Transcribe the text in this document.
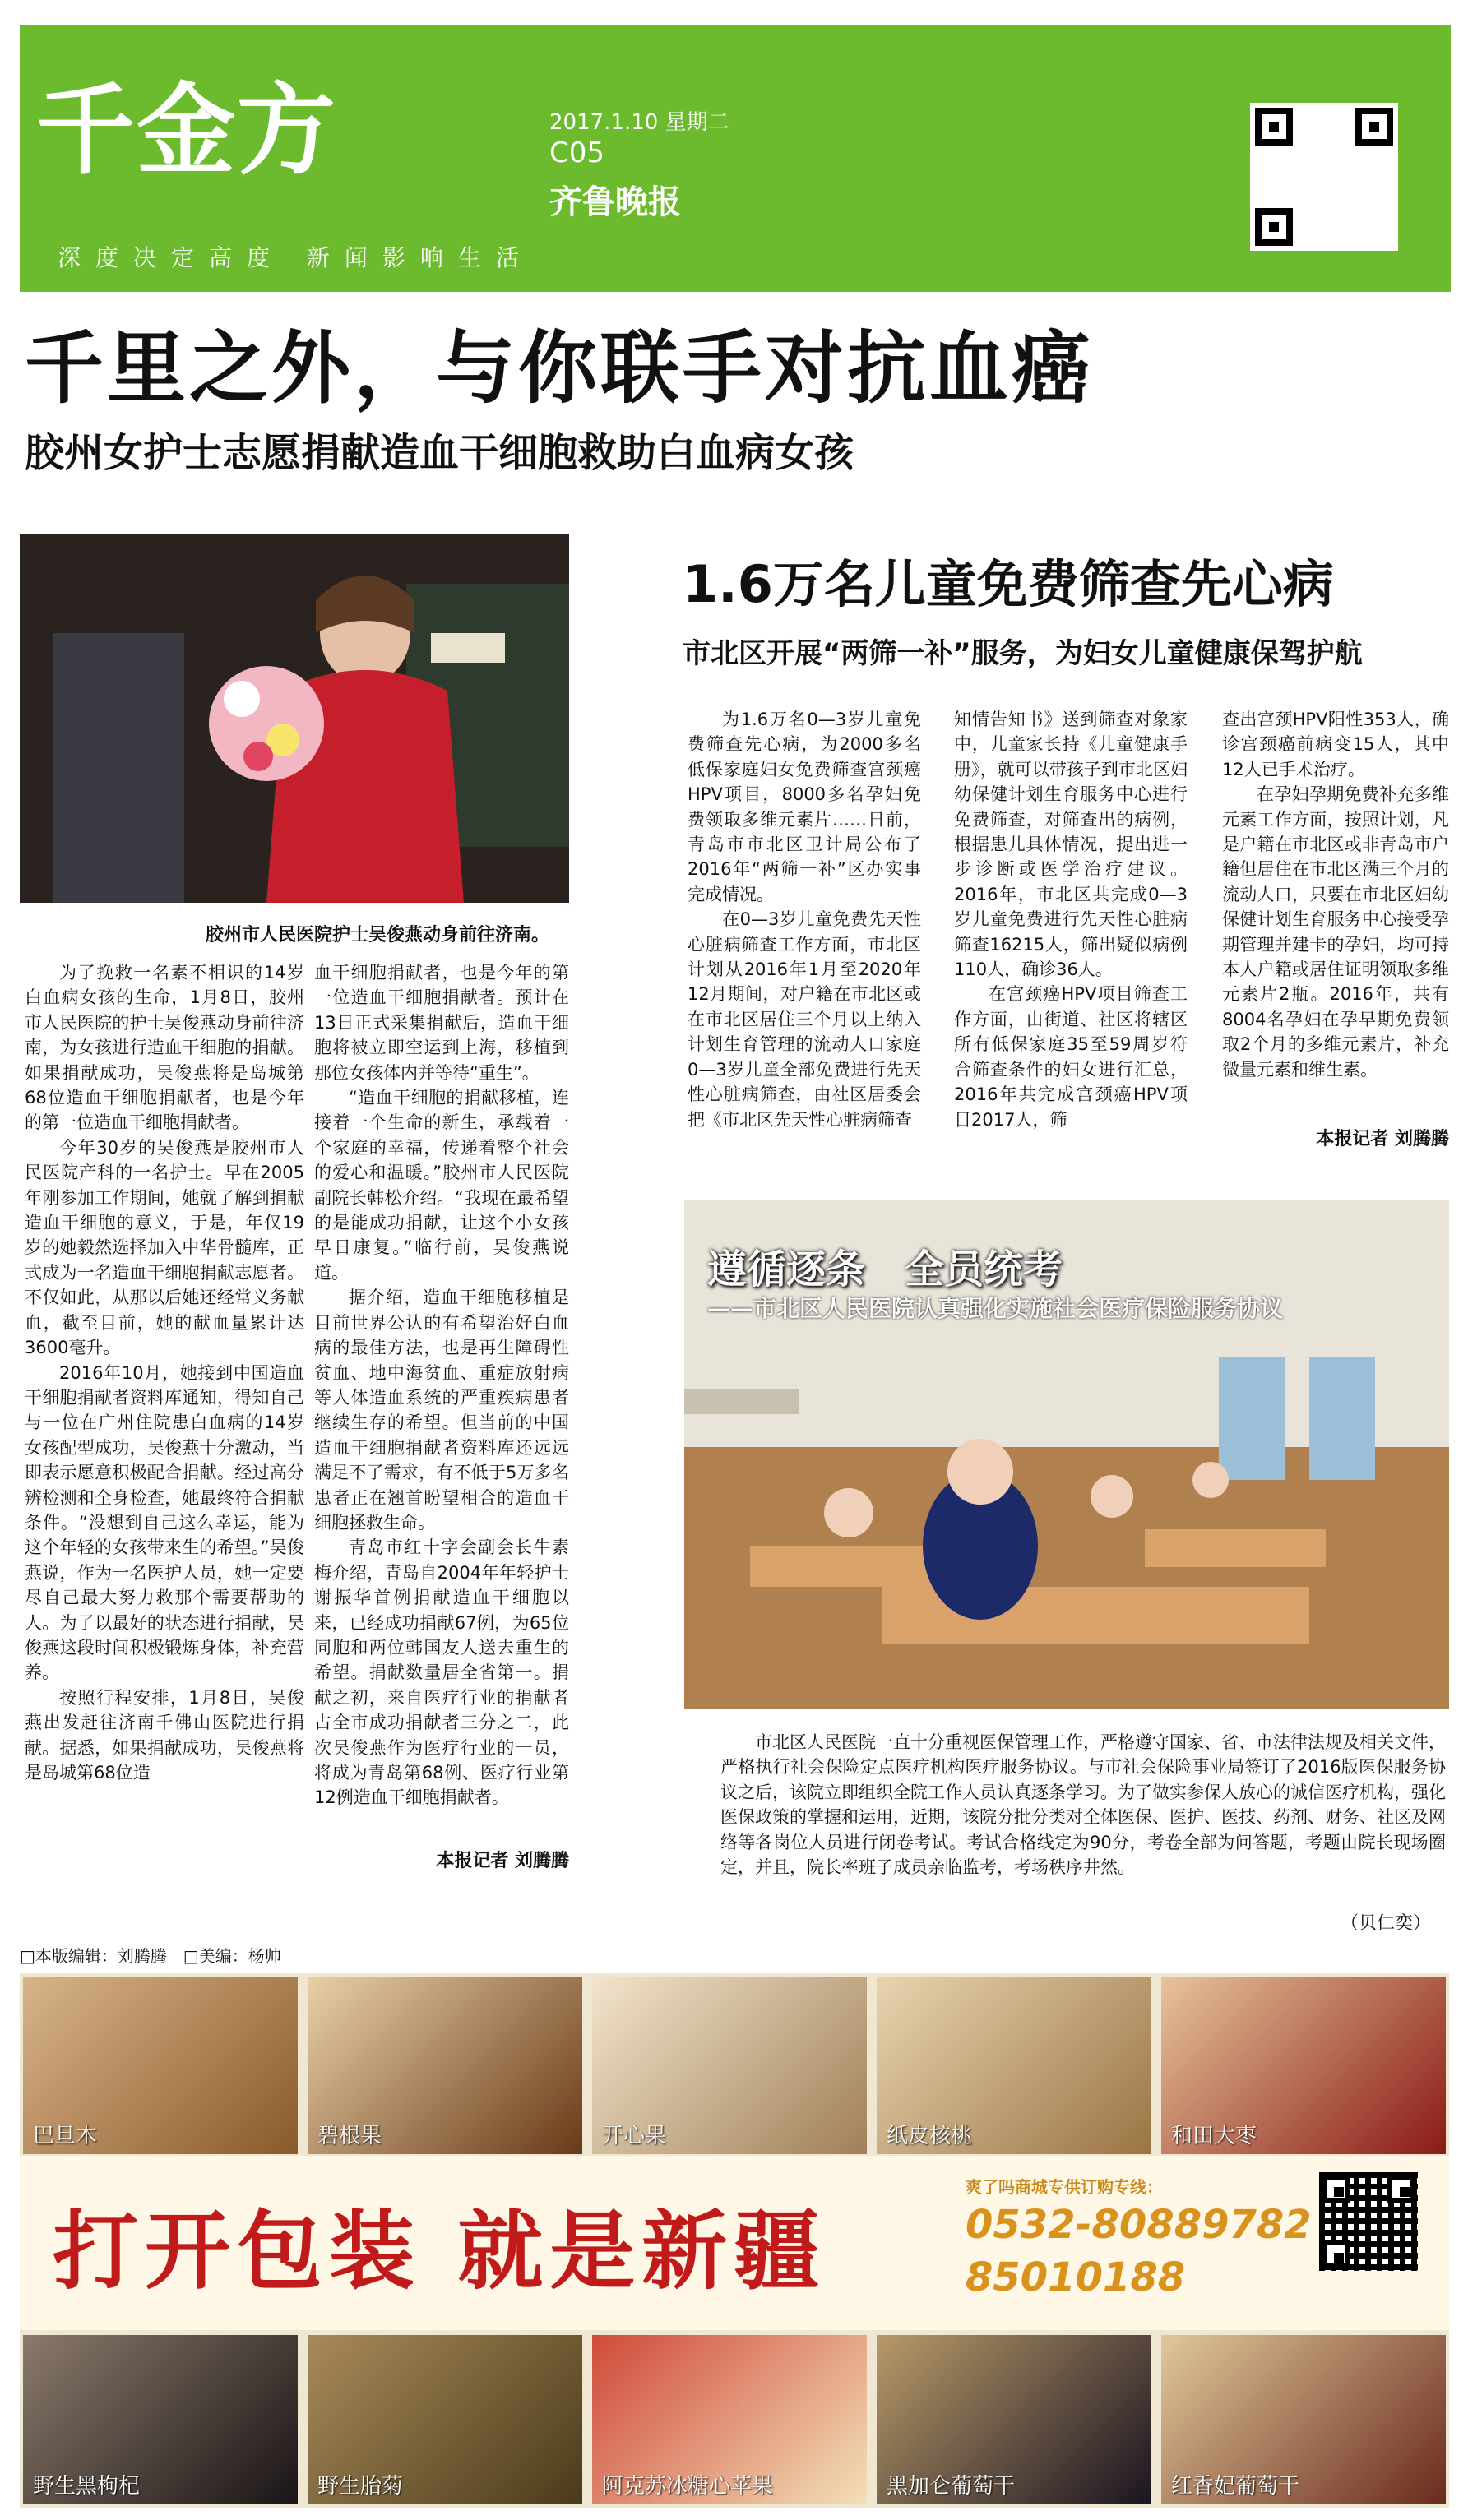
千金方	2017.1.10 星期二
C05
齐鲁晚报
深度决定高度 新闻影响生活
千里之外，与你联手对抗血癌
胶州女护士志愿捐献造血干细胞救助白血病女孩
胶州市人民医院护士吴俊燕动身前往济南。

为了挽救一名素不相识的14岁白血病女孩的生命，1月8日，胶州市人民医院的护士吴俊燕动身前往济南，为女孩进行造血干细胞的捐献。如果捐献成功，吴俊燕将是岛城第68位造血干细胞捐献者，也是今年的第一位造血干细胞捐献者。

今年30岁的吴俊燕是胶州市人民医院产科的一名护士。早在2005年刚参加工作期间，她就了解到捐献造血干细胞的意义，于是，年仅19岁的她毅然选择加入中华骨髓库，正式成为一名造血干细胞捐献志愿者。不仅如此，从那以后她还经常义务献血，截至目前，她的献血量累计达3600毫升。

2016年10月，她接到中国造血干细胞捐献者资料库通知，得知自己与一位在广州住院患白血病的14岁女孩配型成功，吴俊燕十分激动，当即表示愿意积极配合捐献。经过高分辨检测和全身检查，她最终符合捐献条件。“没想到自己这么幸运，能为这个年轻的女孩带来生的希望。”吴俊燕说，作为一名医护人员，她一定要尽自己最大努力救那个需要帮助的人。为了以最好的状态进行捐献，吴俊燕这段时间积极锻炼身体，补充营养。

按照行程安排，1月8日，吴俊燕出发赶往济南千佛山医院进行捐献。据悉，如果捐献成功，吴俊燕将是岛城第68位造

血干细胞捐献者，也是今年的第一位造血干细胞捐献者。预计在13日正式采集捐献后，造血干细胞将被立即空运到上海，移植到那位女孩体内并等待“重生”。

“造血干细胞的捐献移植，连接着一个生命的新生，承载着一个家庭的幸福，传递着整个社会的爱心和温暖。”胶州市人民医院副院长韩松介绍。“我现在最希望的是能成功捐献，让这个小女孩早日康复。”临行前，吴俊燕说道。

据介绍，造血干细胞移植是目前世界公认的有希望治好白血病的最佳方法，也是再生障碍性贫血、地中海贫血、重症放射病等人体造血系统的严重疾病患者继续生存的希望。但当前的中国造血干细胞捐献者资料库还远远满足不了需求，有不低于5万多名患者正在翘首盼望相合的造血干细胞拯救生命。

青岛市红十字会副会长牛素梅介绍，青岛自2004年年轻护士谢振华首例捐献造血干细胞以来，已经成功捐献67例，为65位同胞和两位韩国友人送去重生的希望。捐献数量居全省第一。捐献之初，来自医疗行业的捐献者占全市成功捐献者三分之二，此次吴俊燕作为医疗行业的一员，将成为青岛第68例、医疗行业第12例造血干细胞捐献者。

本报记者 刘腾腾
1.6万名儿童免费筛查先心病
市北区开展“两筛一补”服务，为妇女儿童健康保驾护航

为1.6万名0—3岁儿童免费筛查先心病，为2000多名低保家庭妇女免费筛查宫颈癌HPV项目，8000多名孕妇免费领取多维元素片……日前，青岛市市北区卫计局公布了2016年“两筛一补”区办实事完成情况。

在0—3岁儿童免费先天性心脏病筛查工作方面，市北区计划从2016年1月至2020年12月期间，对户籍在市北区或在市北区居住三个月以上纳入计划生育管理的流动人口家庭0—3岁儿童全部免费进行先天性心脏病筛查，由社区居委会把《市北区先天性心脏病筛查

知情告知书》送到筛查对象家中，儿童家长持《儿童健康手册》，就可以带孩子到市北区妇幼保健计划生育服务中心进行免费筛查，对筛查出的病例，根据患儿具体情况，提出进一步诊断或医学治疗建议。2016年，市北区共完成0—3岁儿童免费进行先天性心脏病筛查16215人，筛出疑似病例110人，确诊36人。

在宫颈癌HPV项目筛查工作方面，由街道、社区将辖区所有低保家庭35至59周岁符合筛查条件的妇女进行汇总，2016年共完成宫颈癌HPV项目2017人，筛

查出宫颈HPV阳性353人，确诊宫颈癌前病变15人，其中12人已手术治疗。

在孕妇孕期免费补充多维元素工作方面，按照计划，凡是户籍在市北区或非青岛市户籍但居住在市北区满三个月的流动人口，只要在市北区妇幼保健计划生育服务中心接受孕期管理并建卡的孕妇，均可持本人户籍或居住证明领取多维元素片2瓶。2016年，共有8004名孕妇在孕早期免费领取2个月的多维元素片，补充微量元素和维生素。

本报记者 刘腾腾
遵循逐条　全员统考
——市北区人民医院认真强化实施社会医疗保险服务协议

市北区人民医院一直十分重视医保管理工作，严格遵守国家、省、市法律法规及相关文件，严格执行社会保险定点医疗机构医疗服务协议。与市社会保险事业局签订了2016版医保服务协议之后，该院立即组织全院工作人员认真逐条学习。为了做实参保人放心的诚信医疗机构，强化医保政策的掌握和运用，近期，该院分批分类对全体医保、医护、医技、药剂、财务、社区及网络等各岗位人员进行闭卷考试。考试合格线定为90分，考卷全部为问答题，考题由院长现场圈定，并且，院长率班子成员亲临监考，考场秩序井然。

（贝仁奕）
□本版编辑：刘腾腾　□美编：杨帅
巴旦木	碧根果	开心果	纸皮核桃	和田大枣
打开包装 就是新疆
爽了吗商城专供订购专线：
0532-80889782
85010188
野生黑枸杞	野生胎菊	阿克苏冰糖心苹果	黑加仑葡萄干	红香妃葡萄干
